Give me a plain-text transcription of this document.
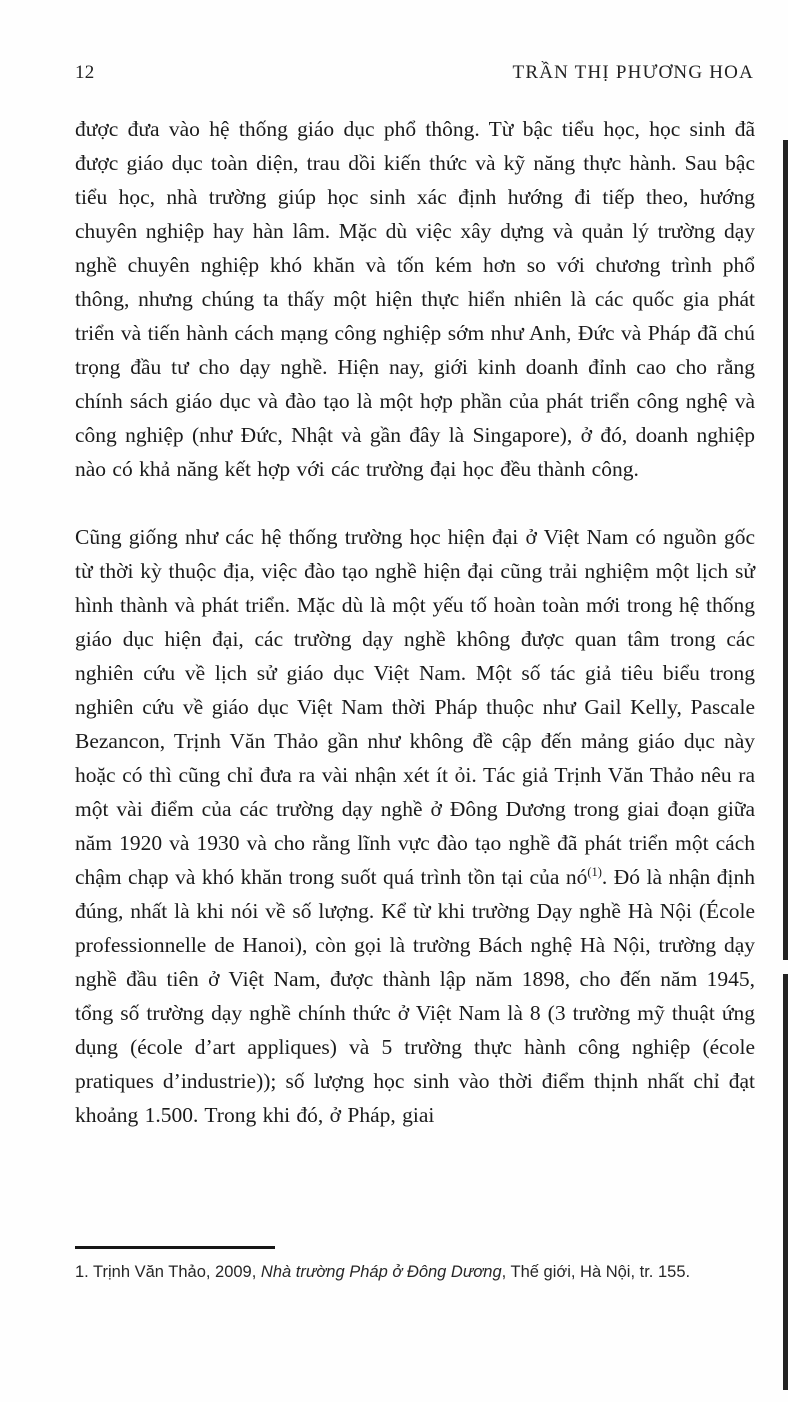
12	TRẦN THỊ PHƯƠNG HOA

được đưa vào hệ thống giáo dục phổ thông. Từ bậc tiểu học, học sinh đã được giáo dục toàn diện, trau dồi kiến thức và kỹ năng thực hành. Sau bậc tiểu học, nhà trường giúp học sinh xác định hướng đi tiếp theo, hướng chuyên nghiệp hay hàn lâm. Mặc dù việc xây dựng và quản lý trường dạy nghề chuyên nghiệp khó khăn và tốn kém hơn so với chương trình phổ thông, nhưng chúng ta thấy một hiện thực hiển nhiên là các quốc gia phát triển và tiến hành cách mạng công nghiệp sớm như Anh, Đức và Pháp đã chú trọng đầu tư cho dạy nghề. Hiện nay, giới kinh doanh đỉnh cao cho rằng chính sách giáo dục và đào tạo là một hợp phần của phát triển công nghệ và công nghiệp (như Đức, Nhật và gần đây là Singapore), ở đó, doanh nghiệp nào có khả năng kết hợp với các trường đại học đều thành công.

Cũng giống như các hệ thống trường học hiện đại ở Việt Nam có nguồn gốc từ thời kỳ thuộc địa, việc đào tạo nghề hiện đại cũng trải nghiệm một lịch sử hình thành và phát triển. Mặc dù là một yếu tố hoàn toàn mới trong hệ thống giáo dục hiện đại, các trường dạy nghề không được quan tâm trong các nghiên cứu về lịch sử giáo dục Việt Nam. Một số tác giả tiêu biểu trong nghiên cứu về giáo dục Việt Nam thời Pháp thuộc như Gail Kelly, Pascale Bezancon, Trịnh Văn Thảo gần như không đề cập đến mảng giáo dục này hoặc có thì cũng chỉ đưa ra vài nhận xét ít ỏi. Tác giả Trịnh Văn Thảo nêu ra một vài điểm của các trường dạy nghề ở Đông Dương trong giai đoạn giữa năm 1920 và 1930 và cho rằng lĩnh vực đào tạo nghề đã phát triển một cách chậm chạp và khó khăn trong suốt quá trình tồn tại của nó$^{(1)}$. Đó là nhận định đúng, nhất là khi nói về số lượng. Kể từ khi trường Dạy nghề Hà Nội (École professionnelle de Hanoi), còn gọi là trường Bách nghệ Hà Nội, trường dạy nghề đầu tiên ở Việt Nam, được thành lập năm 1898, cho đến năm 1945, tổng số trường dạy nghề chính thức ở Việt Nam là 8 (3 trường mỹ thuật ứng dụng (école d’art appliques) và 5 trường thực hành công nghiệp (école pratiques d’industrie)); số lượng học sinh vào thời điểm thịnh nhất chỉ đạt khoảng 1.500. Trong khi đó, ở Pháp, giai

1. Trịnh Văn Thảo, 2009, Nhà trường Pháp ở Đông Dương, Thế giới, Hà Nội, tr. 155.
